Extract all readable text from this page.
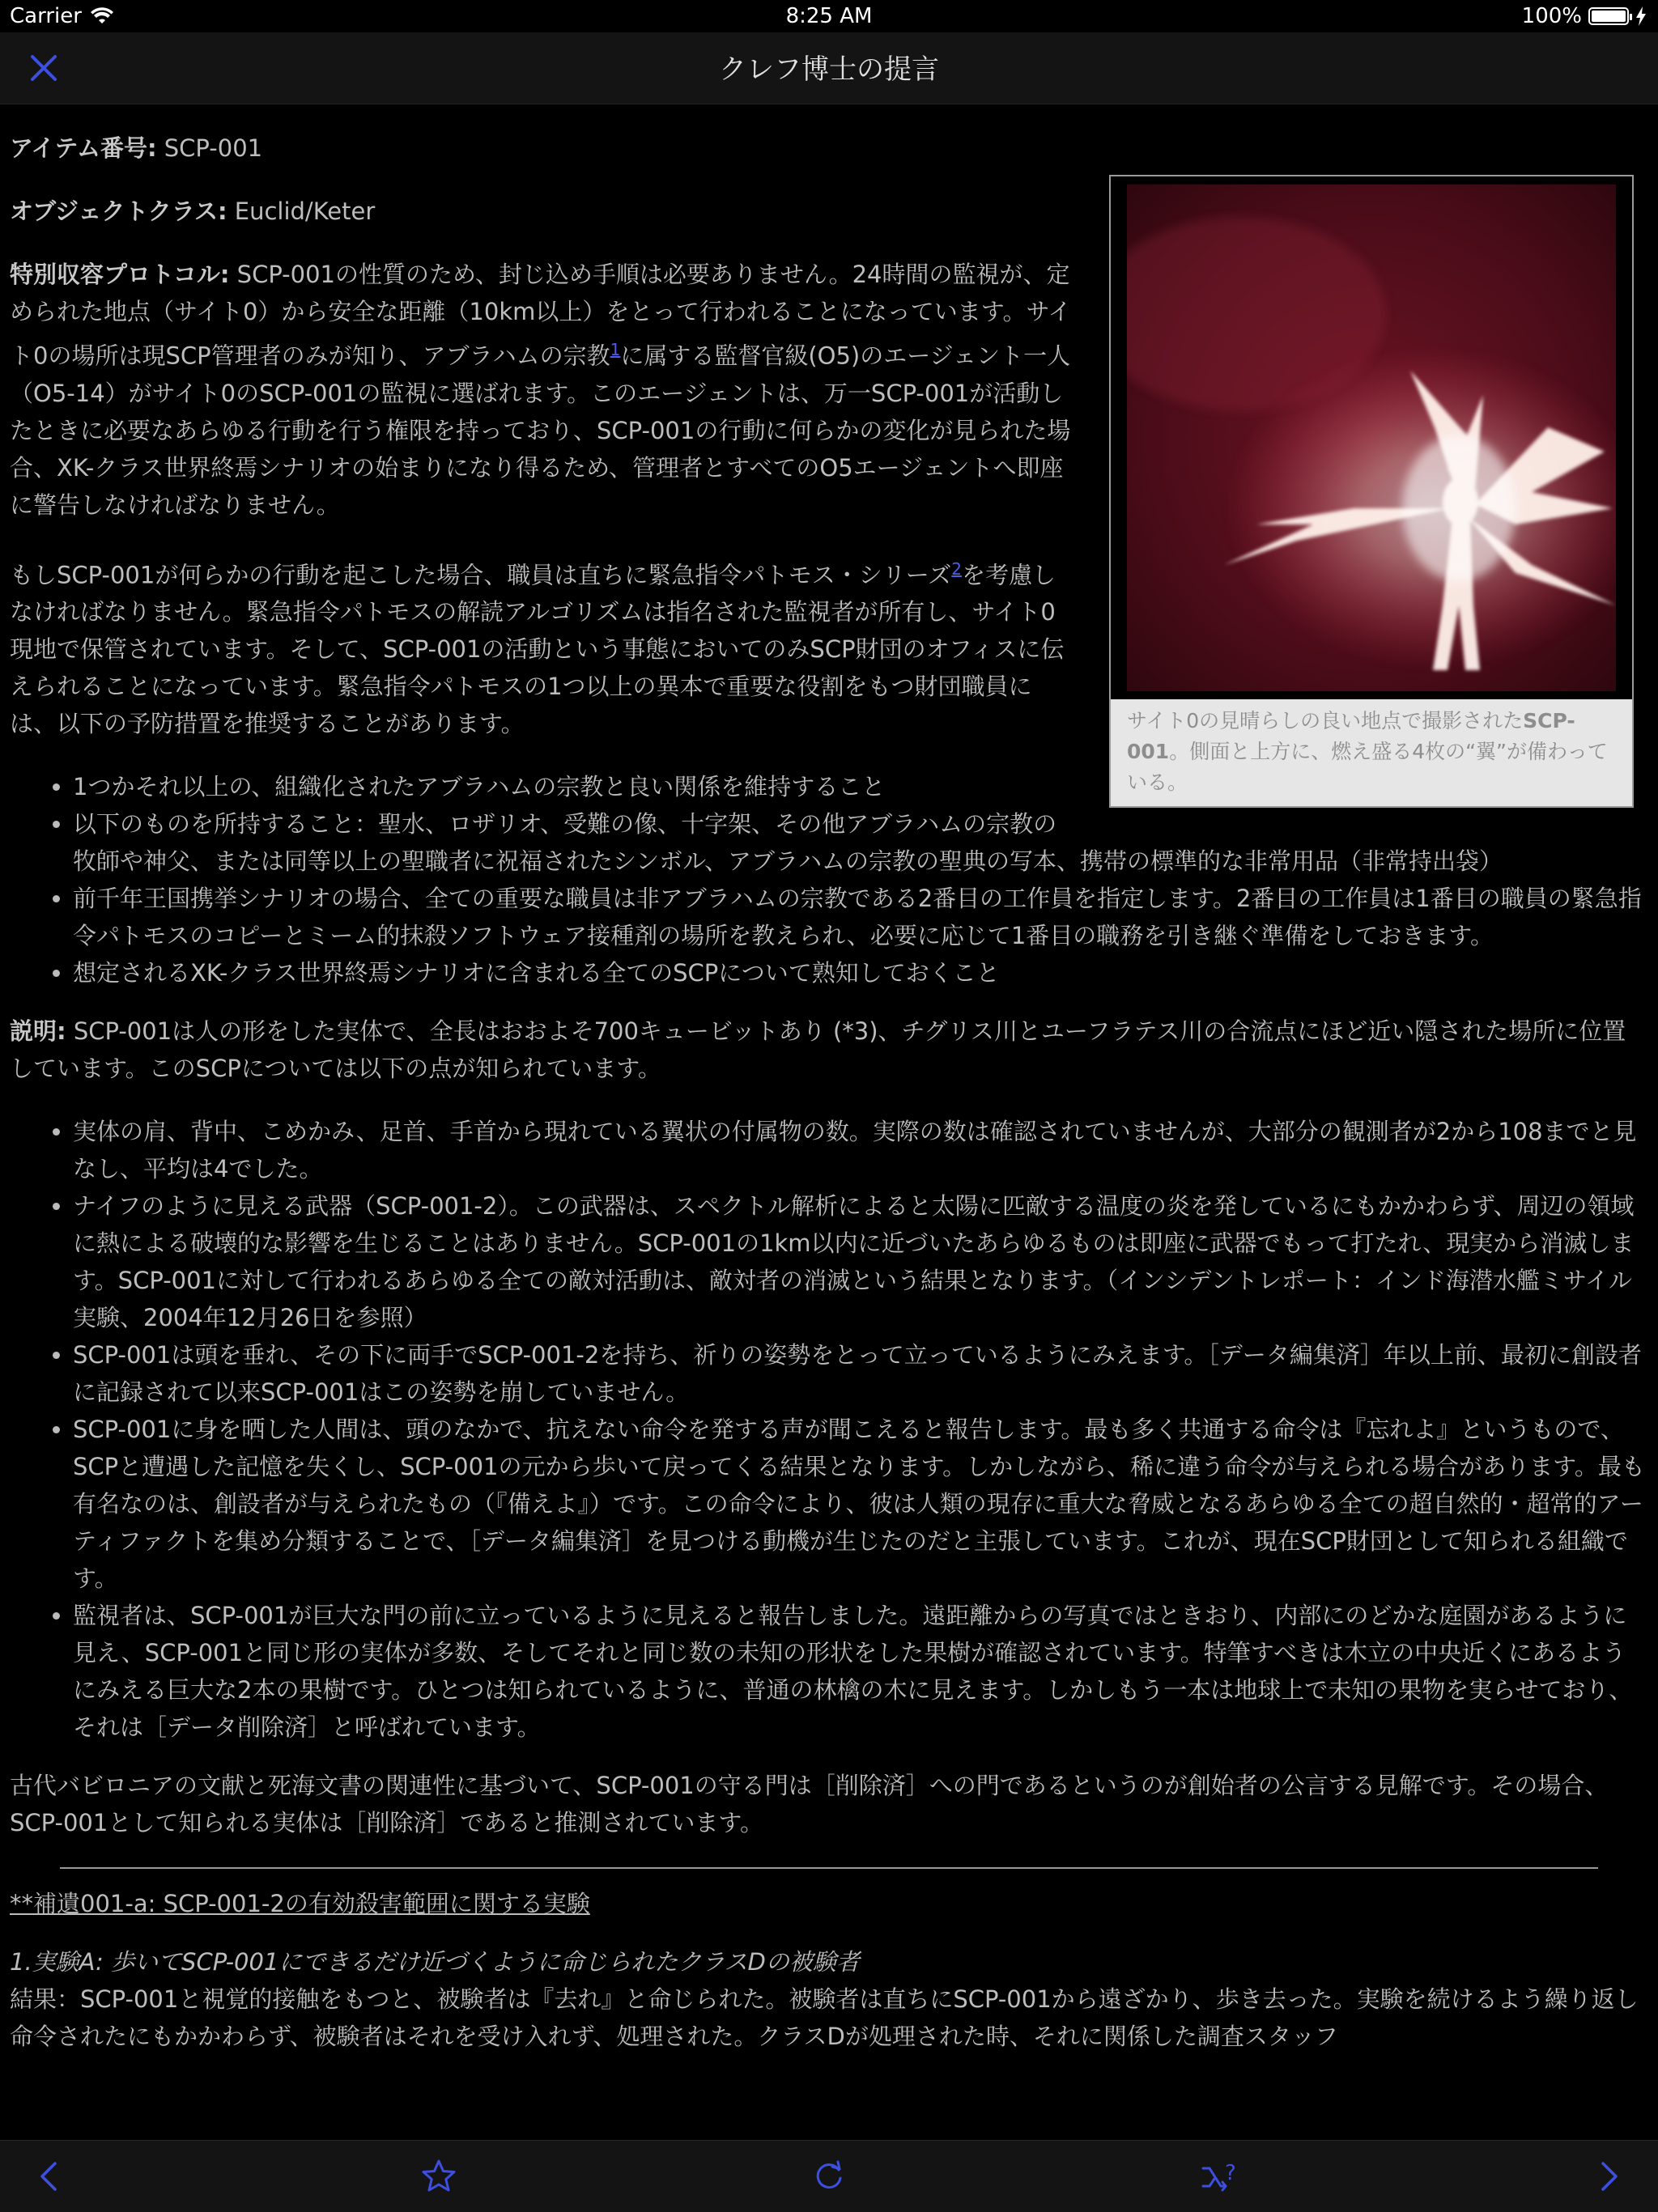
Carrier	8:25 AM	100%
クレフ博士の提言
サイト0の見晴らしの良い地点で撮影されたSCP-001。側面と上方に、燃え盛る4枚の“翼”が備わっている。

アイテム番号: SCP-001

オブジェクトクラス: Euclid/Keter

特別収容プロトコル: SCP-001の性質のため、封じ込め手順は必要ありません。24時間の監視が、定められた地点（サイト0）から安全な距離（10km以上）をとって行われることになっています。サイト0の場所は現SCP管理者のみが知り、アブラハムの宗教$^1$に属する監督官級(O5)のエージェント一人（O5-14）がサイト0のSCP-001の監視に選ばれます。このエージェントは、万一SCP-001が活動したときに必要なあらゆる行動を行う権限を持っており、SCP-001の行動に何らかの変化が見られた場合、XK-クラス世界終焉シナリオの始まりになり得るため、管理者とすべてのO5エージェントへ即座に警告しなければなりません。

もしSCP-001が何らかの行動を起こした場合、職員は直ちに緊急指令パトモス・シリーズ$^2$を考慮しなければなりません。緊急指令パトモスの解読アルゴリズムは指名された監視者が所有し、サイト0現地で保管されています。そして、SCP-001の活動という事態においてのみSCP財団のオフィスに伝えられることになっています。緊急指令パトモスの1つ以上の異本で重要な役割をもつ財団職員には、以下の予防措置を推奨することがあります。

• 1つかそれ以上の、組織化されたアブラハムの宗教と良い関係を維持すること
• 以下のものを所持すること：聖水、ロザリオ、受難の像、十字架、その他アブラハムの宗教の牧師や神父、または同等以上の聖職者に祝福されたシンボル、アブラハムの宗教の聖典の写本、携帯の標準的な非常用品（非常持出袋）
• 前千年王国携挙シナリオの場合、全ての重要な職員は非アブラハムの宗教である2番目の工作員を指定します。2番目の工作員は1番目の職員の緊急指令パトモスのコピーとミーム的抹殺ソフトウェア接種剤の場所を教えられ、必要に応じて1番目の職務を引き継ぐ準備をしておきます。
• 想定されるXK-クラス世界終焉シナリオに含まれる全てのSCPについて熟知しておくこと

説明: SCP-001は人の形をした実体で、全長はおおよそ700キュービットあり (*3)、チグリス川とユーフラテス川の合流点にほど近い隠された場所に位置しています。このSCPについては以下の点が知られています。

• 実体の肩、背中、こめかみ、足首、手首から現れている翼状の付属物の数。実際の数は確認されていませんが、大部分の観測者が2から108までと見なし、平均は4でした。
• ナイフのように見える武器（SCP-001-2）。この武器は、スペクトル解析によると太陽に匹敵する温度の炎を発しているにもかかわらず、周辺の領域に熱による破壊的な影響を生じることはありません。SCP-001の1km以内に近づいたあらゆるものは即座に武器でもって打たれ、現実から消滅します。SCP-001に対して行われるあらゆる全ての敵対活動は、敵対者の消滅という結果となります。（インシデントレポート：インド海潜水艦ミサイル実験、2004年12月26日を参照）
• SCP-001は頭を垂れ、その下に両手でSCP-001-2を持ち、祈りの姿勢をとって立っているようにみえます。［データ編集済］年以上前、最初に創設者に記録されて以来SCP-001はこの姿勢を崩していません。
• SCP-001に身を晒した人間は、頭のなかで、抗えない命令を発する声が聞こえると報告します。最も多く共通する命令は『忘れよ』というもので、SCPと遭遇した記憶を失くし、SCP-001の元から歩いて戻ってくる結果となります。しかしながら、稀に違う命令が与えられる場合があります。最も有名なのは、創設者が与えられたもの（『備えよ』）です。この命令により、彼は人類の現存に重大な脅威となるあらゆる全ての超自然的・超常的アーティファクトを集め分類することで、［データ編集済］を見つける動機が生じたのだと主張しています。これが、現在SCP財団として知られる組織です。
• 監視者は、SCP-001が巨大な門の前に立っているように見えると報告しました。遠距離からの写真ではときおり、内部にのどかな庭園があるように見え、SCP-001と同じ形の実体が多数、そしてそれと同じ数の未知の形状をした果樹が確認されています。特筆すべきは木立の中央近くにあるようにみえる巨大な2本の果樹です。ひとつは知られているように、普通の林檎の木に見えます。しかしもう一本は地球上で未知の果物を実らせており、それは［データ削除済］と呼ばれています。

古代バビロニアの文献と死海文書の関連性に基づいて、SCP-001の守る門は［削除済］への門であるというのが創始者の公言する見解です。その場合、SCP-001として知られる実体は［削除済］であると推測されています。

**補遺001-a: SCP-001-2の有効殺害範囲に関する実験

1.実験A: 歩いてSCP-001にできるだけ近づくように命じられたクラスDの被験者

結果：SCP-001と視覚的接触をもつと、被験者は『去れ』と命じられた。被験者は直ちにSCP-001から遠ざかり、歩き去った。実験を続けるよう繰り返し命令されたにもかかわらず、被験者はそれを受け入れず、処理された。クラスDが処理された時、それに関係した調査スタッフ

?
